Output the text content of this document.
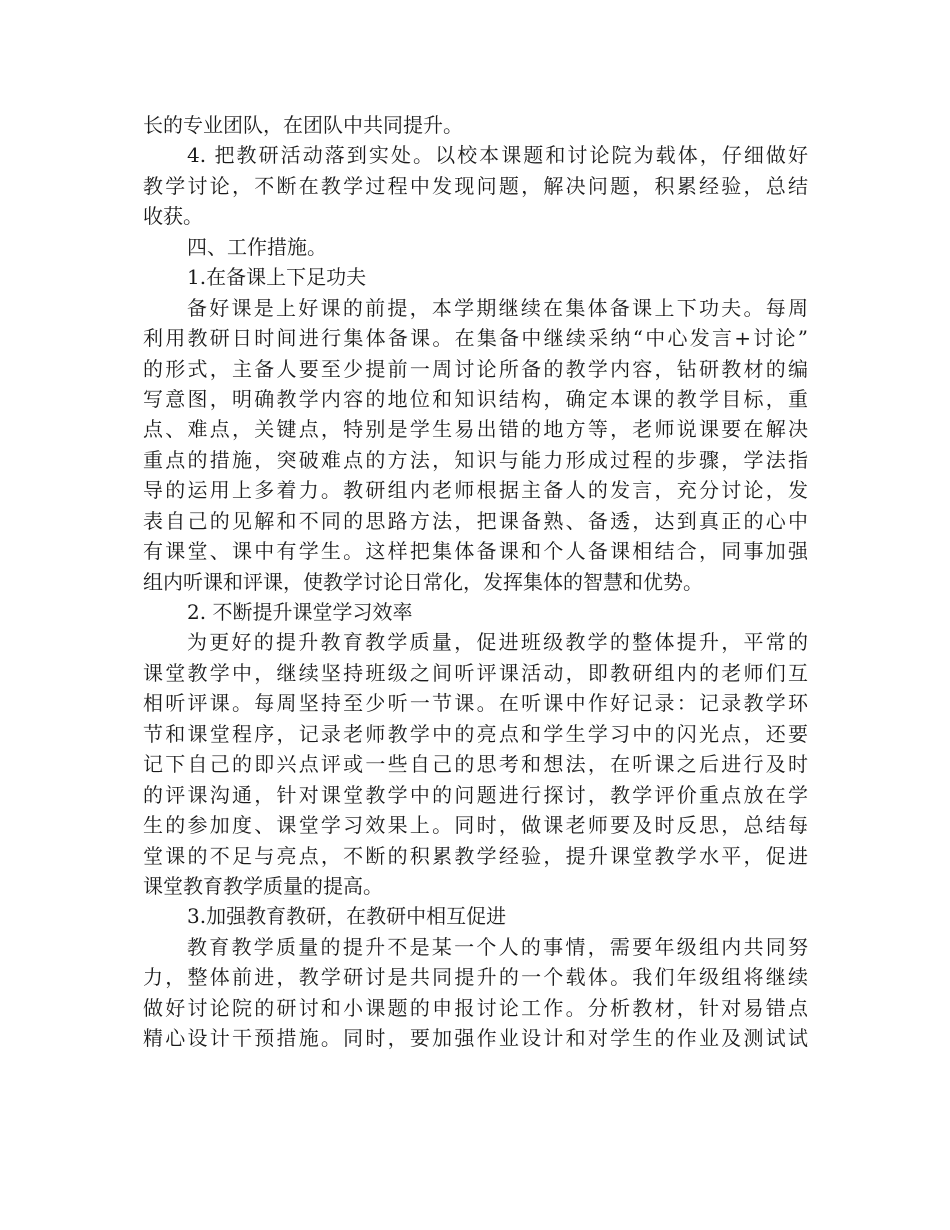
长的专业团队，在团队中共同提升。
4. 把教研活动落到实处。以校本课题和讨论院为载体，仔细做好
教学讨论，不断在教学过程中发现问题，解决问题，积累经验，总结
收获。
四、工作措施。
1.在备课上下足功夫
备好课是上好课的前提，本学期继续在集体备课上下功夫。每周
利用教研日时间进行集体备课。在集备中继续采纳“中心发言+讨论”
的形式，主备人要至少提前一周讨论所备的教学内容，钻研教材的编
写意图，明确教学内容的地位和知识结构，确定本课的教学目标，重
点、难点，关键点，特别是学生易出错的地方等，老师说课要在解决
重点的措施，突破难点的方法，知识与能力形成过程的步骤，学法指
导的运用上多着力。教研组内老师根据主备人的发言，充分讨论，发
表自己的见解和不同的思路方法，把课备熟、备透，达到真正的心中
有课堂、课中有学生。这样把集体备课和个人备课相结合，同事加强
组内听课和评课，使教学讨论日常化，发挥集体的智慧和优势。
2. 不断提升课堂学习效率
为更好的提升教育教学质量，促进班级教学的整体提升，平常的
课堂教学中，继续坚持班级之间听评课活动，即教研组内的老师们互
相听评课。每周坚持至少听一节课。在听课中作好记录：记录教学环
节和课堂程序，记录老师教学中的亮点和学生学习中的闪光点，还要
记下自己的即兴点评或一些自己的思考和想法，在听课之后进行及时
的评课沟通，针对课堂教学中的问题进行探讨，教学评价重点放在学
生的参加度、课堂学习效果上。同时，做课老师要及时反思，总结每
堂课的不足与亮点，不断的积累教学经验，提升课堂教学水平，促进
课堂教育教学质量的提高。
3.加强教育教研，在教研中相互促进
教育教学质量的提升不是某一个人的事情，需要年级组内共同努
力，整体前进，教学研讨是共同提升的一个载体。我们年级组将继续
做好讨论院的研讨和小课题的申报讨论工作。分析教材，针对易错点
精心设计干预措施。同时，要加强作业设计和对学生的作业及测试试
